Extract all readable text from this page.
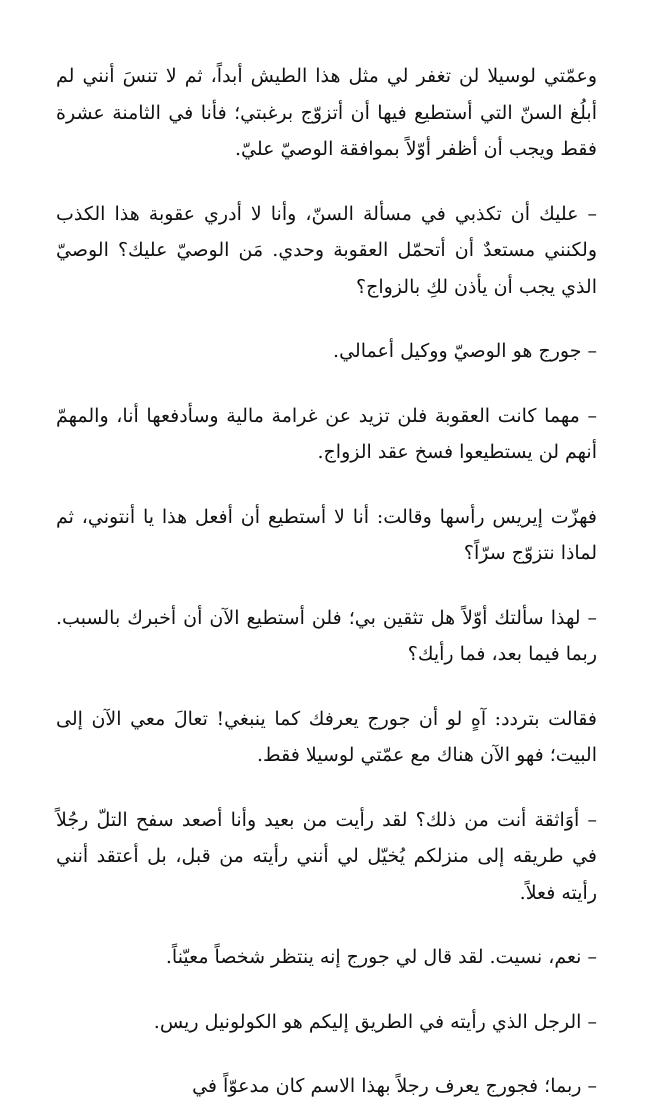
وعمّتي لوسيلا لن تغفر لي مثل هذا الطيش أبداً، ثم لا تنسَ أنني لم أبلُغ السنّ التي أستطيع فيها أن أتزوّج برغبتي؛ فأنا في الثامنة عشرة فقط ويجب أن أظفر أوّلاً بموافقة الوصيّ عليّ.

– عليك أن تكذبي في مسألة السنّ، وأنا لا أدري عقوبة هذا الكذب ولكنني مستعدٌ أن أتحمّل العقوبة وحدي. مَن الوصيّ عليك؟ الوصيّ الذي يجب أن يأذن لكِ بالزواج؟

– جورج هو الوصيّ ووكيل أعمالي.

– مهما كانت العقوبة فلن تزيد عن غرامة مالية وسأدفعها أنا، والمهمّ أنهم لن يستطيعوا فسخ عقد الزواج.

فهزّت إيريس رأسها وقالت: أنا لا أستطيع أن أفعل هذا يا أنتوني، ثم لماذا نتزوّج سرّاً؟

– لهذا سألتك أوّلاً هل تثقين بي؛ فلن أستطيع الآن أن أخبرك بالسبب. ربما فيما بعد، فما رأيك؟

فقالت بتردد: آهٍ لو أن جورج يعرفك كما ينبغي! تعالَ معي الآن إلى البيت؛ فهو الآن هناك مع عمّتي لوسيلا فقط.

– أوَاثقة أنت من ذلك؟ لقد رأيت من بعيد وأنا أصعد سفح التلّ رجُلاً في طريقه إلى منزلكم يُخيّل لي أنني رأيته من قبل، بل أعتقد أنني رأيته فعلاً.

– نعم، نسيت. لقد قال لي جورج إنه ينتظر شخصاً معيّناً.

– الرجل الذي رأيته في الطريق إليكم هو الكولونيل ريس.

– ربما؛ فجورج يعرف رجلاً بهذا الاسم كان مدعوّاً في
